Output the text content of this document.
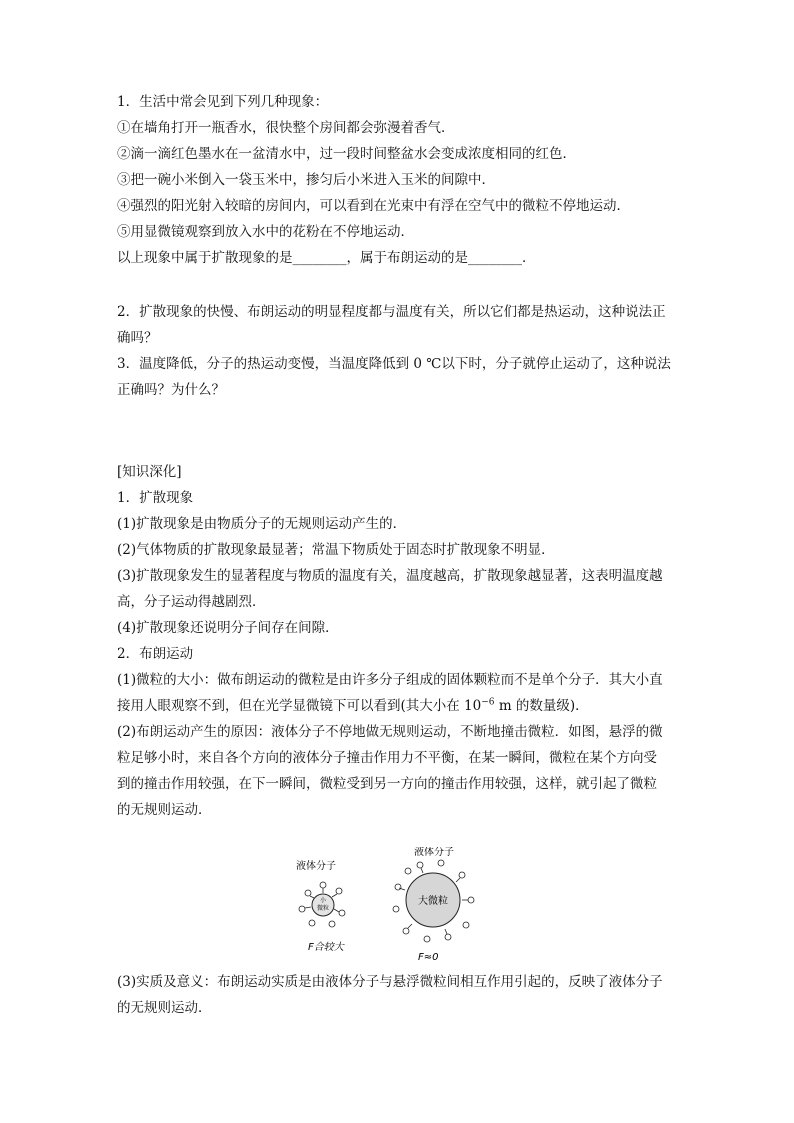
1．生活中常会见到下列几种现象：
①在墙角打开一瓶香水，很快整个房间都会弥漫着香气．
②滴一滴红色墨水在一盆清水中，过一段时间整盆水会变成浓度相同的红色．
③把一碗小米倒入一袋玉米中，掺匀后小米进入玉米的间隙中．
④强烈的阳光射入较暗的房间内，可以看到在光束中有浮在空气中的微粒不停地运动．
⑤用显微镜观察到放入水中的花粉在不停地运动．
以上现象中属于扩散现象的是________，属于布朗运动的是________．
2．扩散现象的快慢、布朗运动的明显程度都与温度有关，所以它们都是热运动，这种说法正
确吗？
3．温度降低，分子的热运动变慢，当温度降低到 0 ℃以下时，分子就停止运动了，这种说法
正确吗？为什么？
[知识深化]
1．扩散现象
(1)扩散现象是由物质分子的无规则运动产生的．
(2)气体物质的扩散现象最显著；常温下物质处于固态时扩散现象不明显．
(3)扩散现象发生的显著程度与物质的温度有关，温度越高，扩散现象越显著，这表明温度越
高，分子运动得越剧烈．
(4)扩散现象还说明分子间存在间隙．
2．布朗运动
(1)微粒的大小：做布朗运动的微粒是由许多分子组成的固体颗粒而不是单个分子．其大小直
接用人眼观察不到，但在光学显微镜下可以看到(其大小在 $10^{-6}$ m 的数量级)．
(2)布朗运动产生的原因：液体分子不停地做无规则运动，不断地撞击微粒．如图，悬浮的微
粒足够小时，来自各个方向的液体分子撞击作用力不平衡，在某一瞬间，微粒在某个方向受
到的撞击作用较强，在下一瞬间，微粒受到另一方向的撞击作用较强，这样，就引起了微粒
的无规则运动．
液体分子
小
微粒
F合较大
液体分子
大微粒
F≈0
(3)实质及意义：布朗运动实质是由液体分子与悬浮微粒间相互作用引起的，反映了液体分子
的无规则运动．
